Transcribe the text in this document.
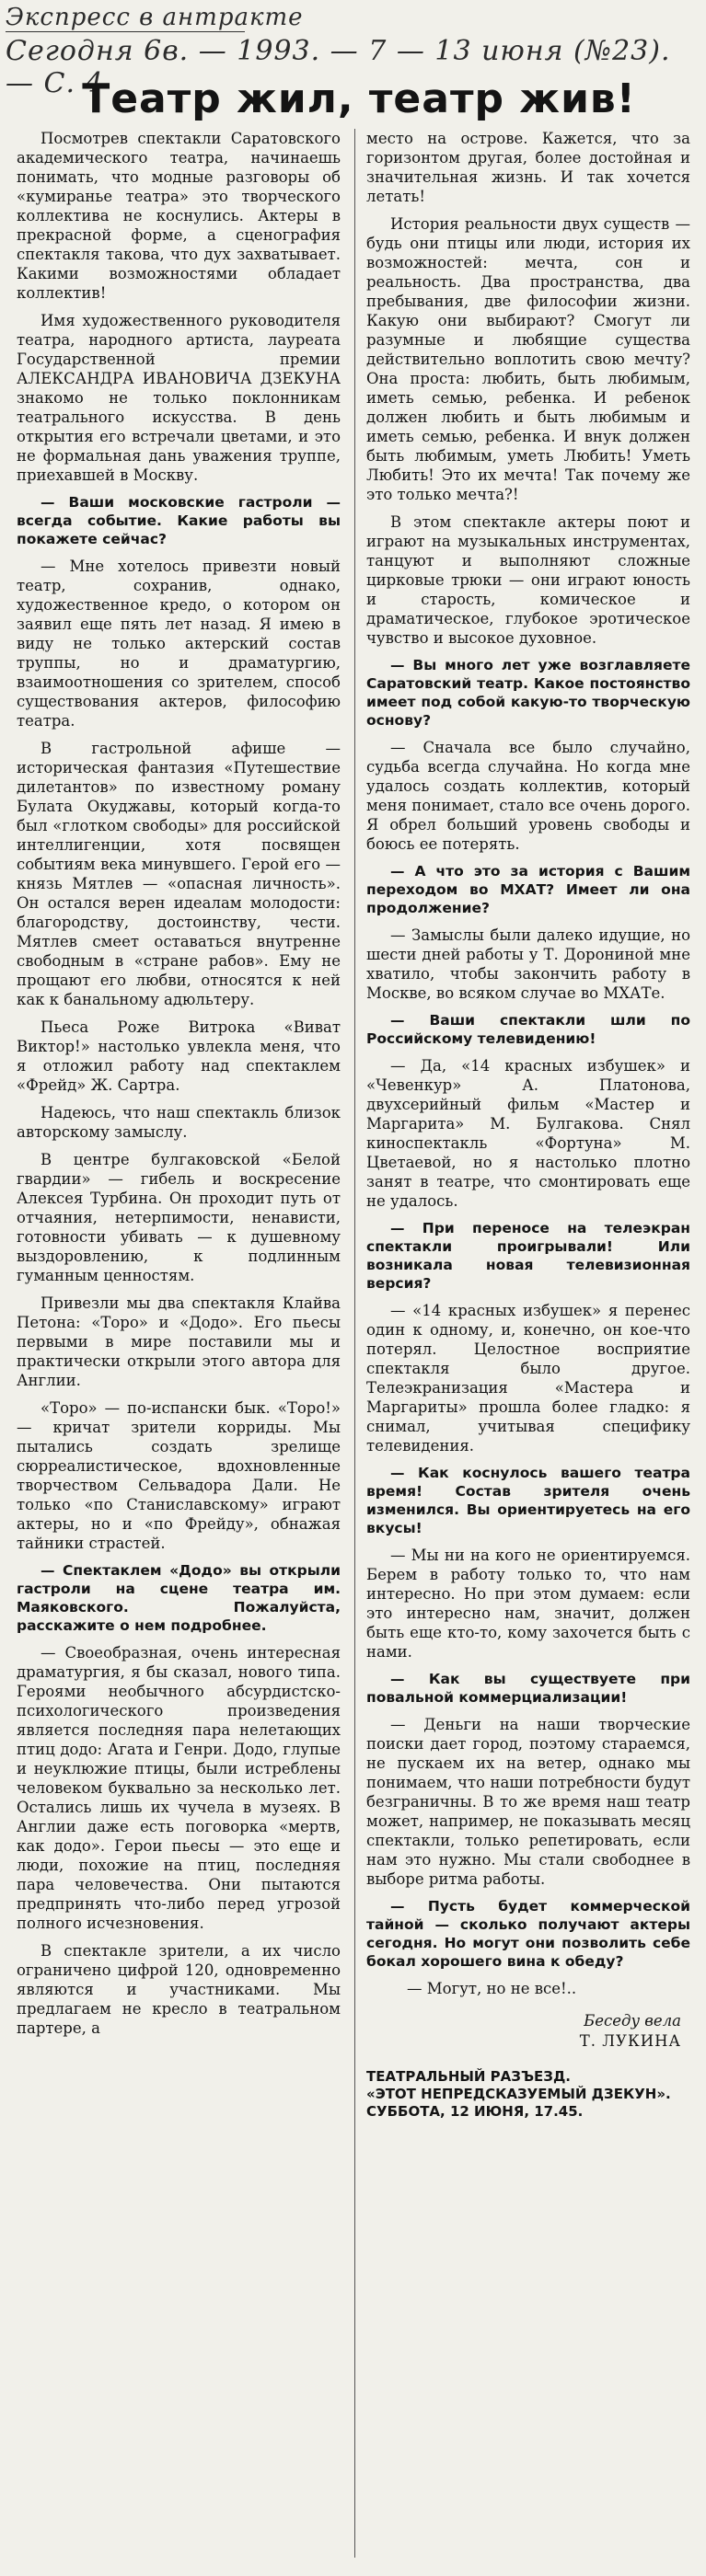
Экспресс в антракте
Сегодня 6в. — 1993. — 7 — 13 июня (№23). — С. 4
Театр жил, театр жив!

Посмотрев спектакли Саратовского академического театра, начинаешь понимать, что модные разговоры об «кумиранье театра» это творческого коллектива не коснулись. Актеры в прекрасной форме, а сценография спектакля такова, что дух захватывает. Какими возможностями обладает коллектив!

Имя художественного руководителя театра, народного артиста, лауреата Государственной премии АЛЕКСАНДРА ИВАНОВИЧА ДЗЕКУНА знакомо не только поклонникам театрального искусства. В день открытия его встречали цветами, и это не формальная дань уважения труппе, приехавшей в Москву.

— Ваши московские гастроли — всегда событие. Какие работы вы покажете сейчас?

— Мне хотелось привезти новый театр, сохранив, однако, художественное кредо, о котором он заявил еще пять лет назад. Я имею в виду не только актерский состав труппы, но и драматургию, взаимоотношения со зрителем, способ существования актеров, философию театра.

В гастрольной афише — историческая фантазия «Путешествие дилетантов» по известному роману Булата Окуджавы, который когда-то был «глотком свободы» для российской интеллигенции, хотя посвящен событиям века минувшего. Герой его — князь Мятлев — «опасная личность». Он остался верен идеалам молодости: благородству, достоинству, чести. Мятлев смеет оставаться внутренне свободным в «стране рабов». Ему не прощают его любви, относятся к ней как к банальному адюльтеру.

Пьеса Роже Витрока «Виват Виктор!» настолько увлекла меня, что я отложил работу над спектаклем «Фрейд» Ж. Сартра.

Надеюсь, что наш спектакль близок авторскому замыслу.

В центре булгаковской «Белой гвардии» — гибель и воскресение Алексея Турбина. Он проходит путь от отчаяния, нетерпимости, ненависти, готовности убивать — к душевному выздоровлению, к подлинным гуманным ценностям.

Привезли мы два спектакля Клайва Петона: «Торо» и «Додо». Его пьесы первыми в мире поставили мы и практически открыли этого автора для Англии.

«Торо» — по-испански бык. «Торо!» — кричат зрители корриды. Мы пытались создать зрелище сюрреалистическое, вдохновленные творчеством Сельвадора Дали. Не только «по Станиславскому» играют актеры, но и «по Фрейду», обнажая тайники страстей.

— Спектаклем «Додо» вы открыли гастроли на сцене театра им. Маяковского. Пожалуйста, расскажите о нем подробнее.

— Своеобразная, очень интересная драматургия, я бы сказал, нового типа. Героями необычного абсурдистско-психологического произведения является последняя пара нелетающих птиц додо: Агата и Генри. Додо, глупые и неуклюжие птицы, были истреблены человеком буквально за несколько лет. Остались лишь их чучела в музеях. В Англии даже есть поговорка «мертв, как додо». Герои пьесы — это еще и люди, похожие на птиц, последняя пара человечества. Они пытаются предпринять что-либо перед угрозой полного исчезновения.

В спектакле зрители, а их число ограничено цифрой 120, одновременно являются и участниками. Мы предлагаем не кресло в театральном партере, а

место на острове. Кажется, что за горизонтом другая, более достойная и значительная жизнь. И так хочется летать!

История реальности двух существ — будь они птицы или люди, история их возможностей: мечта, сон и реальность. Два пространства, два пребывания, две философии жизни. Какую они выбирают? Смогут ли разумные и любящие существа действительно воплотить свою мечту? Она проста: любить, быть любимым, иметь семью, ребенка. И ребенок должен любить и быть любимым и иметь семью, ребенка. И внук должен быть любимым, уметь Любить! Уметь Любить! Это их мечта! Так почему же это только мечта?!

В этом спектакле актеры поют и играют на музыкальных инструментах, танцуют и выполняют сложные цирковые трюки — они играют юность и старость, комическое и драматическое, глубокое эротическое чувство и высокое духовное.

— Вы много лет уже возглавляете Саратовский театр. Какое постоянство имеет под собой какую-то творческую основу?

— Сначала все было случайно, судьба всегда случайна. Но когда мне удалось создать коллектив, который меня понимает, стало все очень дорого. Я обрел больший уровень свободы и боюсь ее потерять.

— А что это за история с Вашим переходом во МХАТ? Имеет ли она продолжение?

— Замыслы были далеко идущие, но шести дней работы у Т. Дорониной мне хватило, чтобы закончить работу в Москве, во всяком случае во МХАТе.

— Ваши спектакли шли по Российскому телевидению!

— Да, «14 красных избушек» и «Чевенкур» А. Платонова, двухсерийный фильм «Мастер и Маргарита» М. Булгакова. Снял киноспектакль «Фортуна» М. Цветаевой, но я настолько плотно занят в театре, что смонтировать еще не удалось.

— При переносе на телеэкран спектакли проигрывали! Или возникала новая телевизионная версия?

— «14 красных избушек» я перенес один к одному, и, конечно, он кое-что потерял. Целостное восприятие спектакля было другое. Телеэкранизация «Мастера и Маргариты» прошла более гладко: я снимал, учитывая специфику телевидения.

— Как коснулось вашего театра время! Состав зрителя очень изменился. Вы ориентируетесь на его вкусы!

— Мы ни на кого не ориентируемся. Берем в работу только то, что нам интересно. Но при этом думаем: если это интересно нам, значит, должен быть еще кто-то, кому захочется быть с нами.

— Как вы существуете при повальной коммерциализации!

— Деньги на наши творческие поиски дает город, поэтому стараемся, не пускаем их на ветер, однако мы понимаем, что наши потребности будут безграничны. В то же время наш театр может, например, не показывать месяц спектакли, только репетировать, если нам это нужно. Мы стали свободнее в выборе ритма работы.

— Пусть будет коммерческой тайной — сколько получают актеры сегодня. Но могут они позволить себе бокал хорошего вина к обеду?

— Могут, но не все!..

Беседу вела
Т. ЛУКИНА
ТЕАТРАЛЬНЫЙ РАЗЪЕЗД.
«ЭТОТ НЕПРЕДСКАЗУЕМЫЙ ДЗЕКУН».
СУББОТА, 12 ИЮНЯ, 17.45.
